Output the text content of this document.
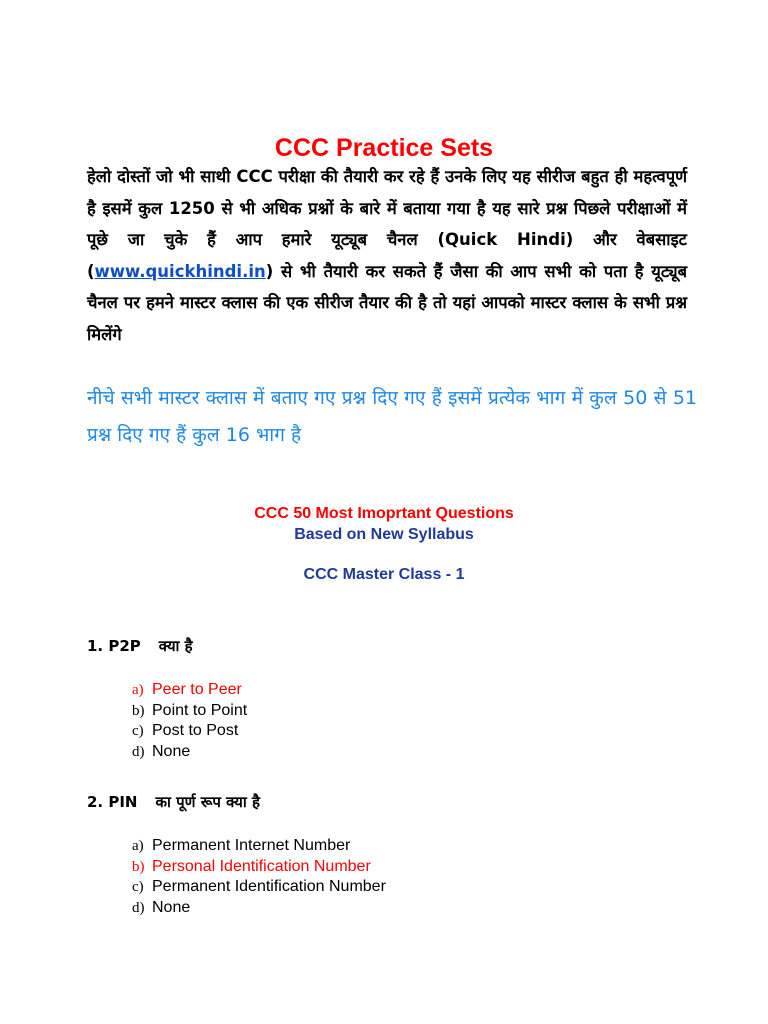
CCC Practice Sets
हेलो दोस्तों जो भी साथी CCC परीक्षा की तैयारी कर रहे हैं उनके लिए यह सीरीज बहुत ही महत्वपूर्ण है इसमें कुल 1250 से भी अधिक प्रश्नों के बारे में बताया गया है यह सारे प्रश्न पिछले परीक्षाओं में पूछे जा चुके हैं आप हमारे यूट्यूब चैनल (Quick Hindi) और वेबसाइट (www.quickhindi.in) से भी तैयारी कर सकते हैं जैसा की आप सभी को पता है यूट्यूब चैनल पर हमने मास्टर क्लास की एक सीरीज तैयार की है तो यहां आपको मास्टर क्लास के सभी प्रश्न मिलेंगे
नीचे सभी मास्टर क्लास में बताए गए प्रश्न दिए गए हैं इसमें प्रत्येक भाग में कुल 50 से 51 प्रश्न दिए गए हैं कुल 16 भाग है
CCC 50 Most Imoprtant Questions
Based on New Syllabus
CCC Master Class - 1
1. P2P क्या है
a) Peer to Peer
b) Point to Point
c) Post to Post
d) None
2. PIN का पूर्ण रूप क्या है
a) Permanent Internet Number
b) Personal Identification Number
c) Permanent Identification Number
d) None
